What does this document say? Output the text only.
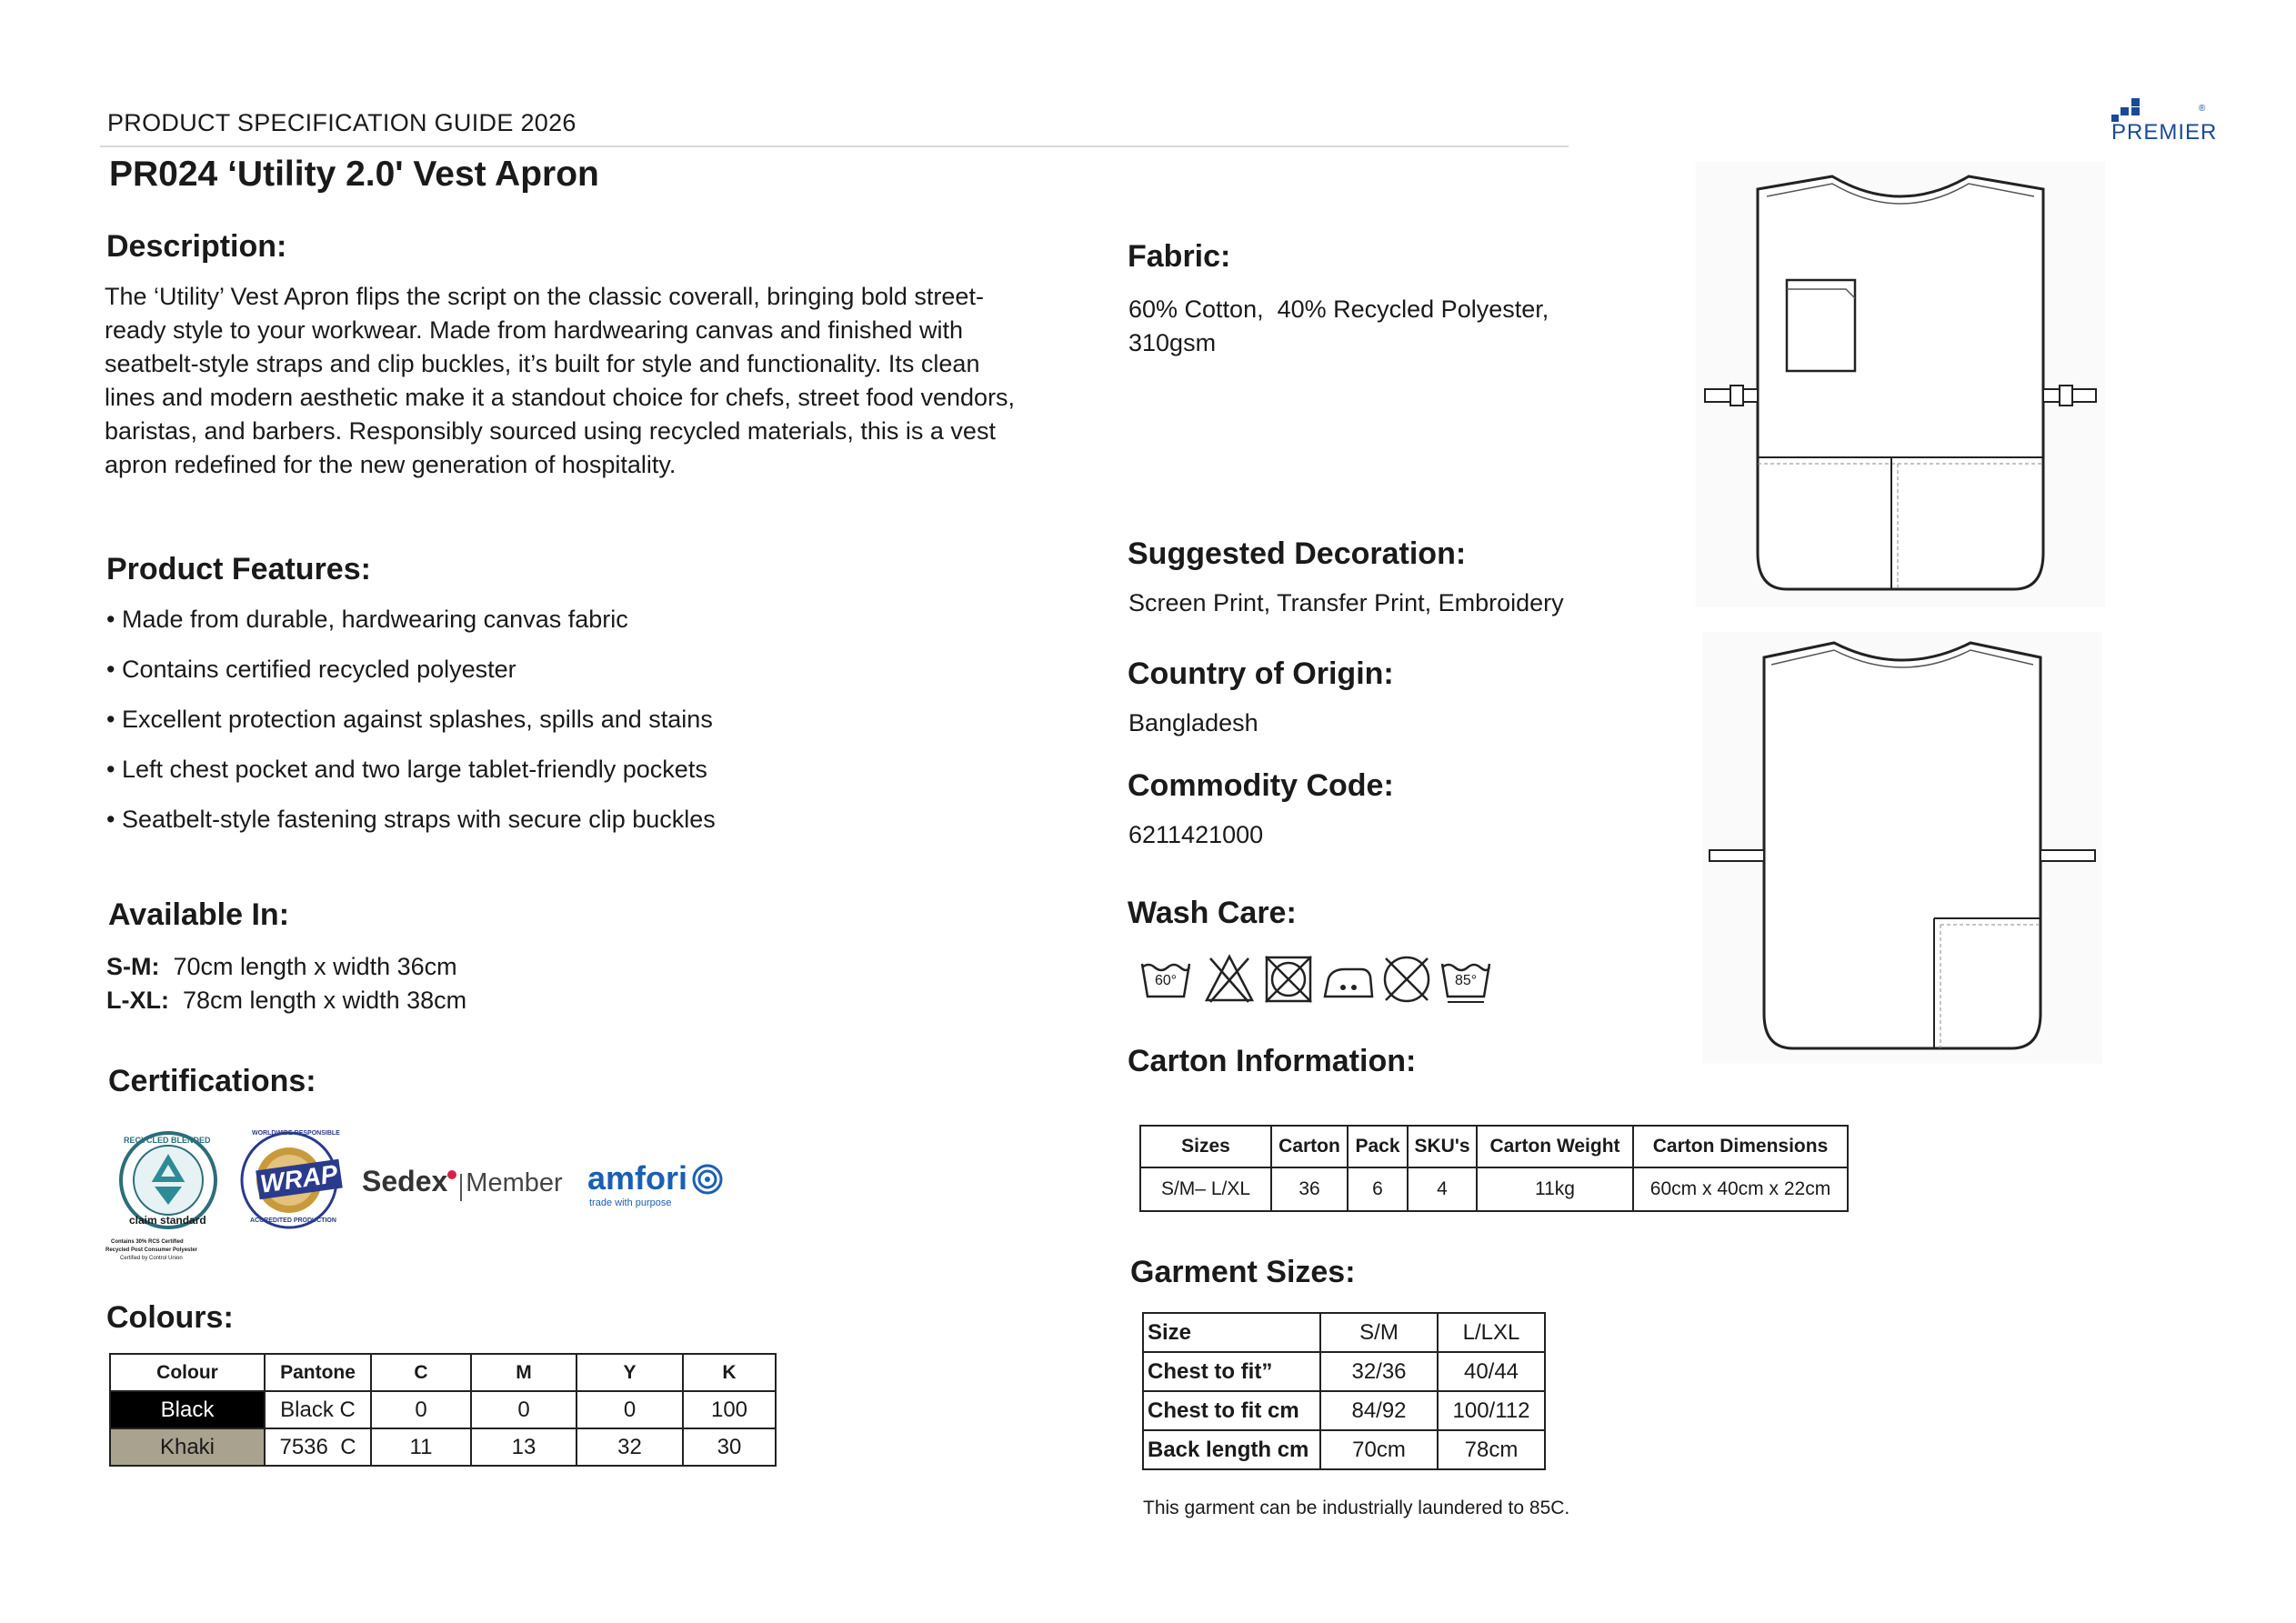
PRODUCT SPECIFICATION GUIDE 2026
PR024 ‘Utility 2.0' Vest Apron
PREMIER
®
Description:
The ‘Utility’ Vest Apron flips the script on the classic coverall, bringing bold street-
ready style to your workwear. Made from hardwearing canvas and finished with
seatbelt-style straps and clip buckles, it’s built for style and functionality. Its clean
lines and modern aesthetic make it a standout choice for chefs, street food vendors,
baristas, and barbers. Responsibly sourced using recycled materials, this is a vest
apron redefined for the new generation of hospitality.
Product Features:
• Made from durable, hardwearing canvas fabric
• Contains certified recycled polyester
• Excellent protection against splashes, spills and stains
• Left chest pocket and two large tablet-friendly pockets
• Seatbelt-style fastening straps with secure clip buckles
Available In:
S-M:  70cm length x width 36cm
L-XL:  78cm length x width 38cm
Certifications:
RECYCLED BLENDED
claim standard
Contains 30% RCS Certified
Recycled Post Consumer Polyester
Certified by Control Union
WRAP
WORLDWIDE RESPONSIBLE
ACCREDITED PRODUCTION
Sedex Member amfori
trade with purpose
Colours:
Colour	Pantone	C	M	Y	K
Black	Black C	0	0	0	100
Khaki	7536  C	11	13	32	30
Fabric:
60% Cotton,  40% Recycled Polyester,
310gsm
Suggested Decoration:
Screen Print, Transfer Print, Embroidery
Country of Origin:
Bangladesh
Commodity Code:
6211421000
Wash Care:
60°	85°
Carton Information:
Sizes	Carton	Pack	SKU's	Carton Weight	Carton Dimensions
S/M– L/XL	36	6	4	11kg	60cm x 40cm x 22cm
Garment Sizes:
Size	S/M	L/LXL
Chest to fit”	32/36	40/44
Chest to fit cm	84/92	100/112
Back length cm	70cm	78cm
This garment can be industrially laundered to 85C.
